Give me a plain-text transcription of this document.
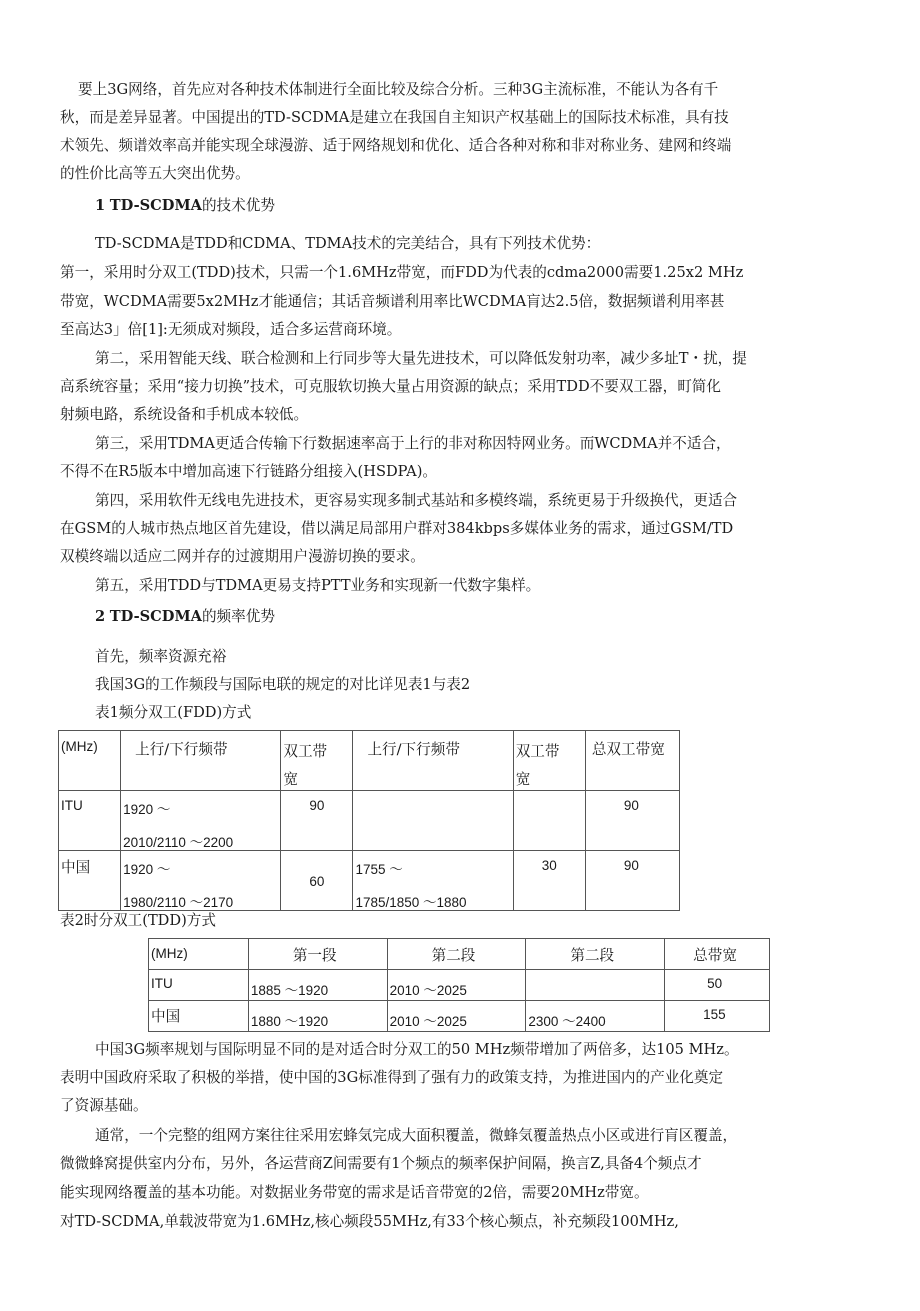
要上3G网络，首先应对各种技术体制进行全面比较及综合分析。三种3G主流标准，不能认为各有千

秋，而是差异显著。中国提出的TD-SCDMA是建立在我国自主知识产权基础上的国际技术标准，具有技

术领先、频谱效率高并能实现全球漫游、适于网络规划和优化、适合各种对称和非对称业务、建网和终端

的性价比高等五大突出优势。

1 TD-SCDMA的技术优势

TD-SCDMA是TDD和CDMA、TDMA技术的完美结合，具有下列技术优势：

第一，采用时分双工(TDD)技术，只需一个1.6MHz带宽，而FDD为代表的cdma2000需要1.25x2 MHz

带宽，WCDMA需要5x2MHz才能通信；其话音频谱利用率比WCDMA肓达2.5倍，数据频谱利用率甚

至高达3」倍[1]:无须成对频段，适合多运营商环境。

第二，采用智能天线、联合检测和上行同步等大量先进技术，可以降低发射功率，减少多址T・扰，提

高系统容量；采用“接力切换”技术，可克服软切换大量占用资源的缺点；采用TDD不要双工器，町简化

射频电路，系统设备和手机成本较低。

第三，采用TDMA更适合传输下行数据速率高于上行的非对称因特网业务。而WCDMA并不适合，

不得不在R5版本中增加高速下行链路分组接入(HSDPA)。

第四，采用软件无线电先进技术，更容易实现多制式基站和多模终端，系统更易于升级换代，更适合

在GSM的人城市热点地区首先建设，借以满足局部用户群对384kbps多媒体业务的需求，通过GSM/TD

双模终端以适应二网并存的过渡期用户漫游切换的要求。

第五，采用TDD与TDMA更易支持PTT业务和实现新一代数字集样。

2 TD-SCDMA的频率优势

首先，频率资源充裕

我国3G的工作频段与国际电联的规定的对比详见表1与表2

表1频分双工(FDD)方式

(MHz)	上行/下行频带	双工带
宽	上行/下行频带	双工带
宽	总双工带宽

ITU	1920 ～
2010/2110 ～2200	90			90

中国	1920 ～
1980/2110 ～2170	60	1755 ～
1785/1850 ～1880	30	90

表2时分双工(TDD)方式

(MHz)	第一段	第二段	第二段	总带宽

ITU	1885 ～1920	2010 ～2025		50

中国	1880 ～1920	2010 ～2025	2300 ～2400	155

中国3G频率规划与国际明显不同的是对适合时分双工的50 MHz频带增加了两倍多，达105 MHz。

表明中国政府采取了积极的举措，使中国的3G标准得到了强有力的政策支持，为推进国内的产业化奠定

了资源基础。

通常，一个完整的组网方案往往采用宏蜂気完成大面积覆盖，微蜂気覆盖热点小区或进行肓区覆盖，

微微蜂窝提供室内分布，另外，各运营商Z间需要有1个频点的频率保护间隔，换言Z,具备4个频点才

能实现网络覆盖的基本功能。对数据业务带宽的需求是话音带宽的2倍，需要20MHz带宽。

对TD-SCDMA,单载波带宽为1.6MHz,核心频段55MHz,有33个核心频点，补充频段100MHz,
